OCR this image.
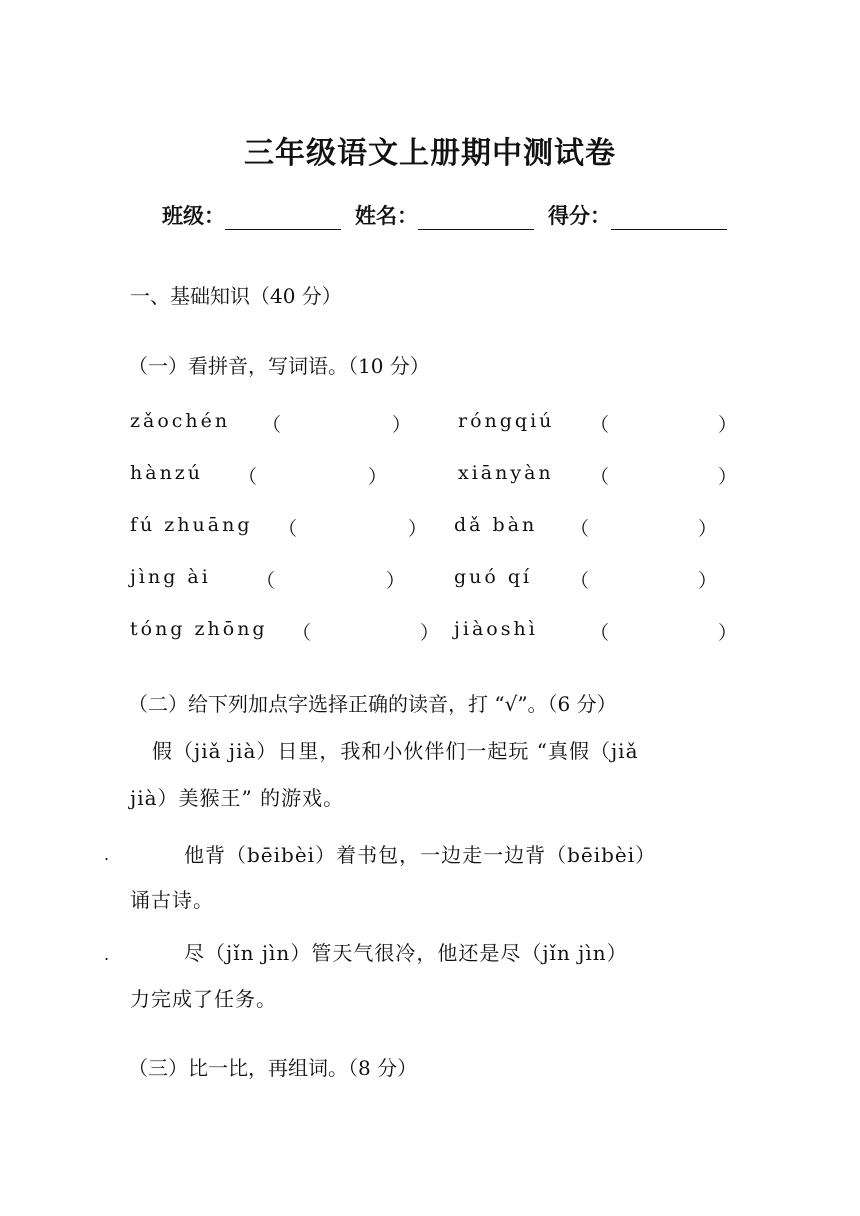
三年级语文上册期中测试卷
班级：	姓名：	得分：
一、基础知识（40 分）
（一）看拼音，写词语。（10 分）
zǎochén （	） róngqiú （	）
hànzú （	）	xiānyàn （	）
fú zhuāng （	） dǎ bàn （	）
jìng ài （	） guó qí （	）
tóng zhōng （	） jiàoshì	（	）
（二）给下列加点字选择正确的读音，打 “√”。（6 分）
假（jiǎ jià）日里，我和小伙伴们一起玩 “真假（jiǎ
jià）美猴王” 的游戏。
.	他背（bēibèi）着书包，一边走一边背（bēibèi）
诵古诗。
.	尽（jǐn jìn）管天气很冷，他还是尽（jǐn jìn）
力完成了任务。
（三）比一比，再组词。（8 分）
